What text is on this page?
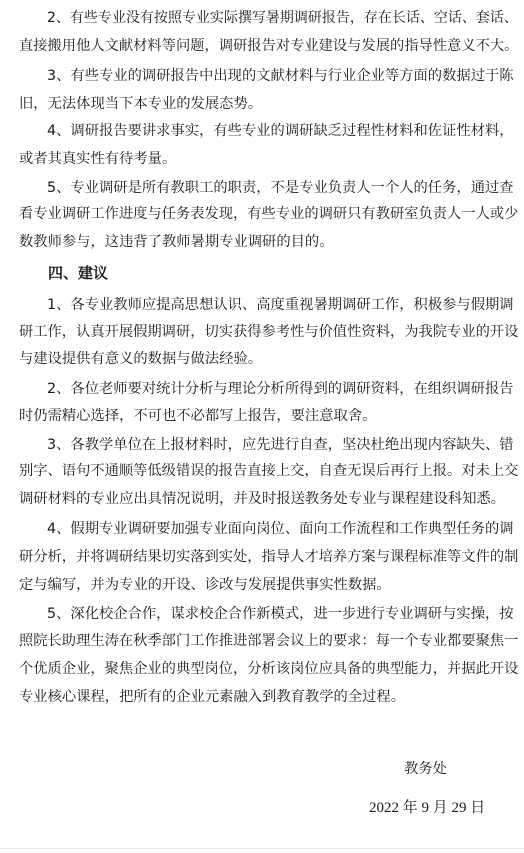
2、有些专业没有按照专业实际撰写暑期调研报告，存在长话、空话、套话、
直接搬用他人文献材料等问题，调研报告对专业建设与发展的指导性意义不大。
3、有些专业的调研报告中出现的文献材料与行业企业等方面的数据过于陈
旧，无法体现当下本专业的发展态势。
4、调研报告要讲求事实，有些专业的调研缺乏过程性材料和佐证性材料，
或者其真实性有待考量。
5、专业调研是所有教职工的职责，不是专业负责人一个人的任务，通过查
看专业调研工作进度与任务表发现，有些专业的调研只有教研室负责人一人或少
数教师参与，这违背了教师暑期专业调研的目的。
四、建议
1、各专业教师应提高思想认识、高度重视暑期调研工作，积极参与假期调
研工作，认真开展假期调研，切实获得参考性与价值性资料，为我院专业的开设
与建设提供有意义的数据与做法经验。
2、各位老师要对统计分析与理论分析所得到的调研资料，在组织调研报告
时仍需精心选择，不可也不必都写上报告，要注意取舍。
3、各教学单位在上报材料时，应先进行自查，坚决杜绝出现内容缺失、错
别字、语句不通顺等低级错误的报告直接上交，自查无误后再行上报。对未上交
调研材料的专业应出具情况说明，并及时报送教务处专业与课程建设科知悉。
4、假期专业调研要加强专业面向岗位、面向工作流程和工作典型任务的调
研分析，并将调研结果切实落到实处，指导人才培养方案与课程标准等文件的制
定与编写，并为专业的开设、诊改与发展提供事实性数据。
5、深化校企合作，谋求校企合作新模式，进一步进行专业调研与实操，按
照院长助理生涛在秋季部门工作推进部署会议上的要求：每一个专业都要聚焦一
个优质企业，聚焦企业的典型岗位，分析该岗位应具备的典型能力，并据此开设
专业核心课程，把所有的企业元素融入到教育教学的全过程。
教务处
2022 年 9 月 29 日
